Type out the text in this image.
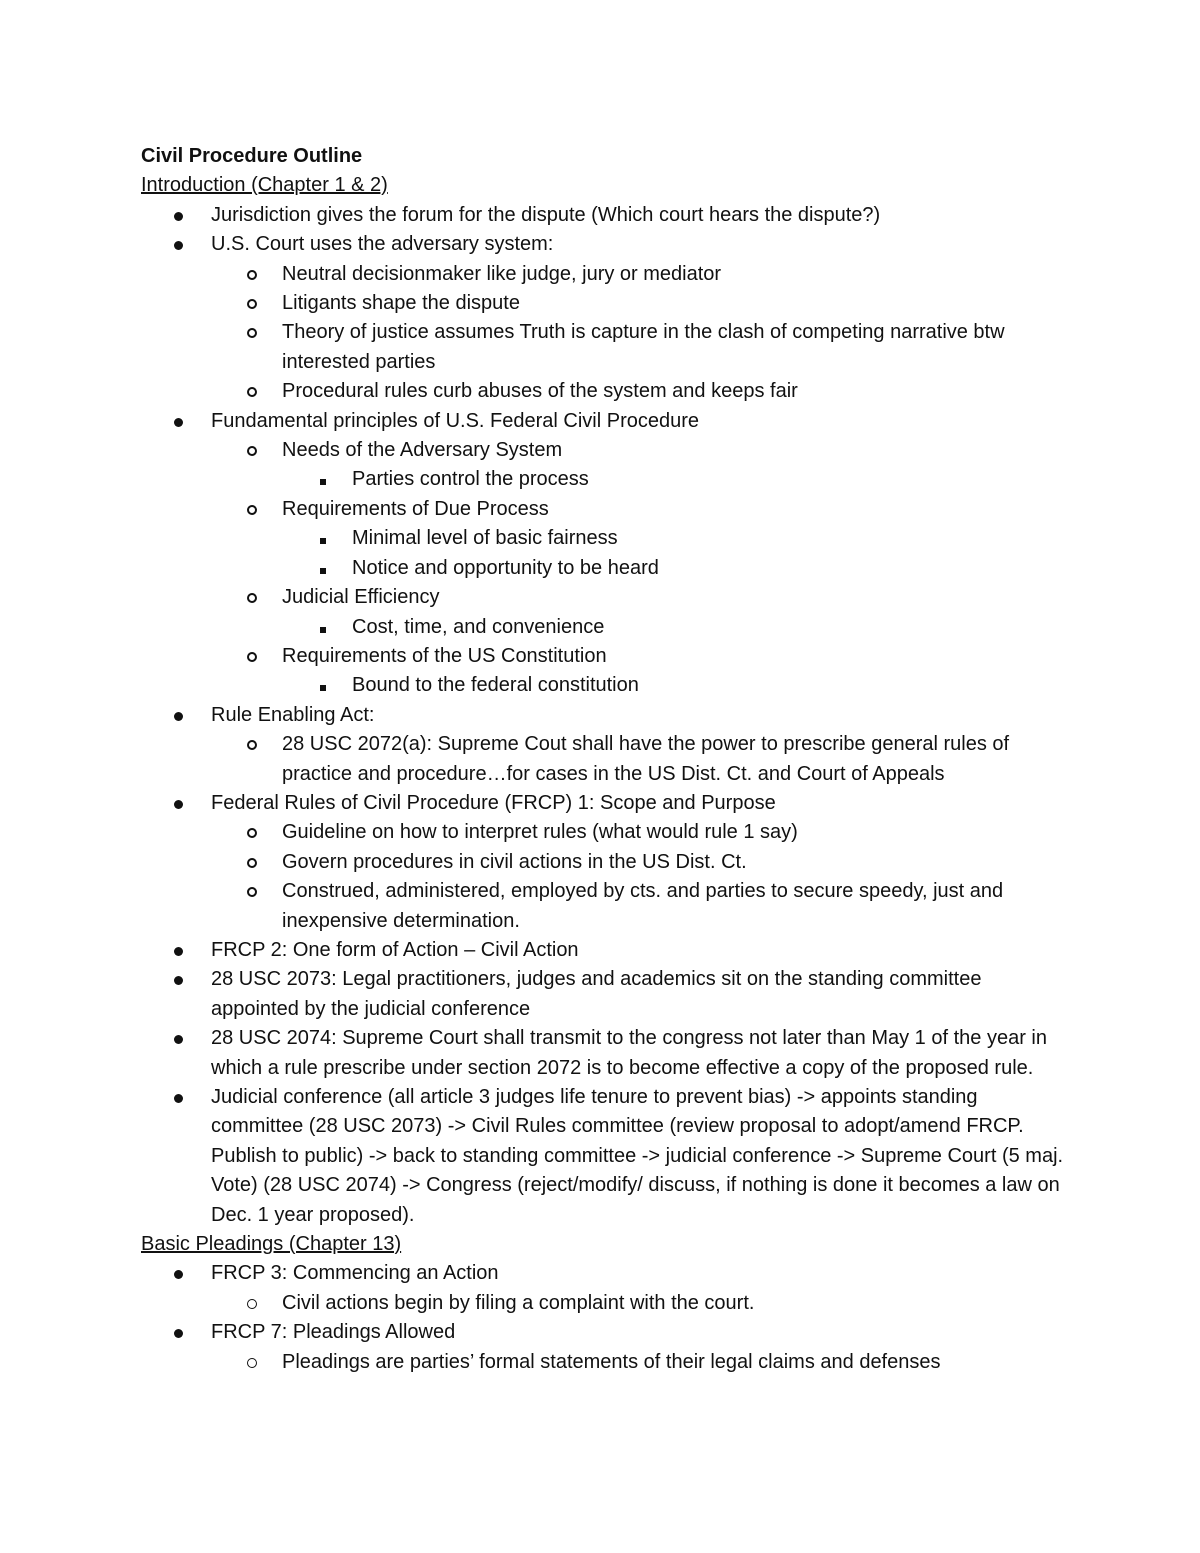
Civil Procedure Outline
Introduction (Chapter 1 & 2)
Jurisdiction gives the forum for the dispute (Which court hears the dispute?)
U.S. Court uses the adversary system:
Neutral decisionmaker like judge, jury or mediator
Litigants shape the dispute
Theory of justice assumes Truth is capture in the clash of competing narrative btw interested parties
Procedural rules curb abuses of the system and keeps fair
Fundamental principles of U.S. Federal Civil Procedure
Needs of the Adversary System
Parties control the process
Requirements of Due Process
Minimal level of basic fairness
Notice and opportunity to be heard
Judicial Efficiency
Cost, time, and convenience
Requirements of the US Constitution
Bound to the federal constitution
Rule Enabling Act:
28 USC 2072(a): Supreme Cout shall have the power to prescribe general rules of practice and procedure…for cases in the US Dist. Ct. and Court of Appeals
Federal Rules of Civil Procedure (FRCP) 1: Scope and Purpose
Guideline on how to interpret rules (what would rule 1 say)
Govern procedures in civil actions in the US Dist. Ct.
Construed, administered, employed by cts. and parties to secure speedy, just and inexpensive determination.
FRCP 2: One form of Action – Civil Action
28 USC 2073: Legal practitioners, judges and academics sit on the standing committee appointed by the judicial conference
28 USC 2074: Supreme Court shall transmit to the congress not later than May 1 of the year in which a rule prescribe under section 2072 is to become effective a copy of the proposed rule.
Judicial conference (all article 3 judges life tenure to prevent bias) -> appoints standing committee (28 USC 2073) -> Civil Rules committee (review proposal to adopt/amend FRCP. Publish to public) -> back to standing committee -> judicial conference -> Supreme Court (5 maj. Vote) (28 USC 2074) -> Congress (reject/modify/ discuss, if nothing is done it becomes a law on Dec. 1 year proposed).
Basic Pleadings (Chapter 13)
FRCP 3: Commencing an Action
Civil actions begin by filing a complaint with the court.
FRCP 7: Pleadings Allowed
Pleadings are parties’ formal statements of their legal claims and defenses
